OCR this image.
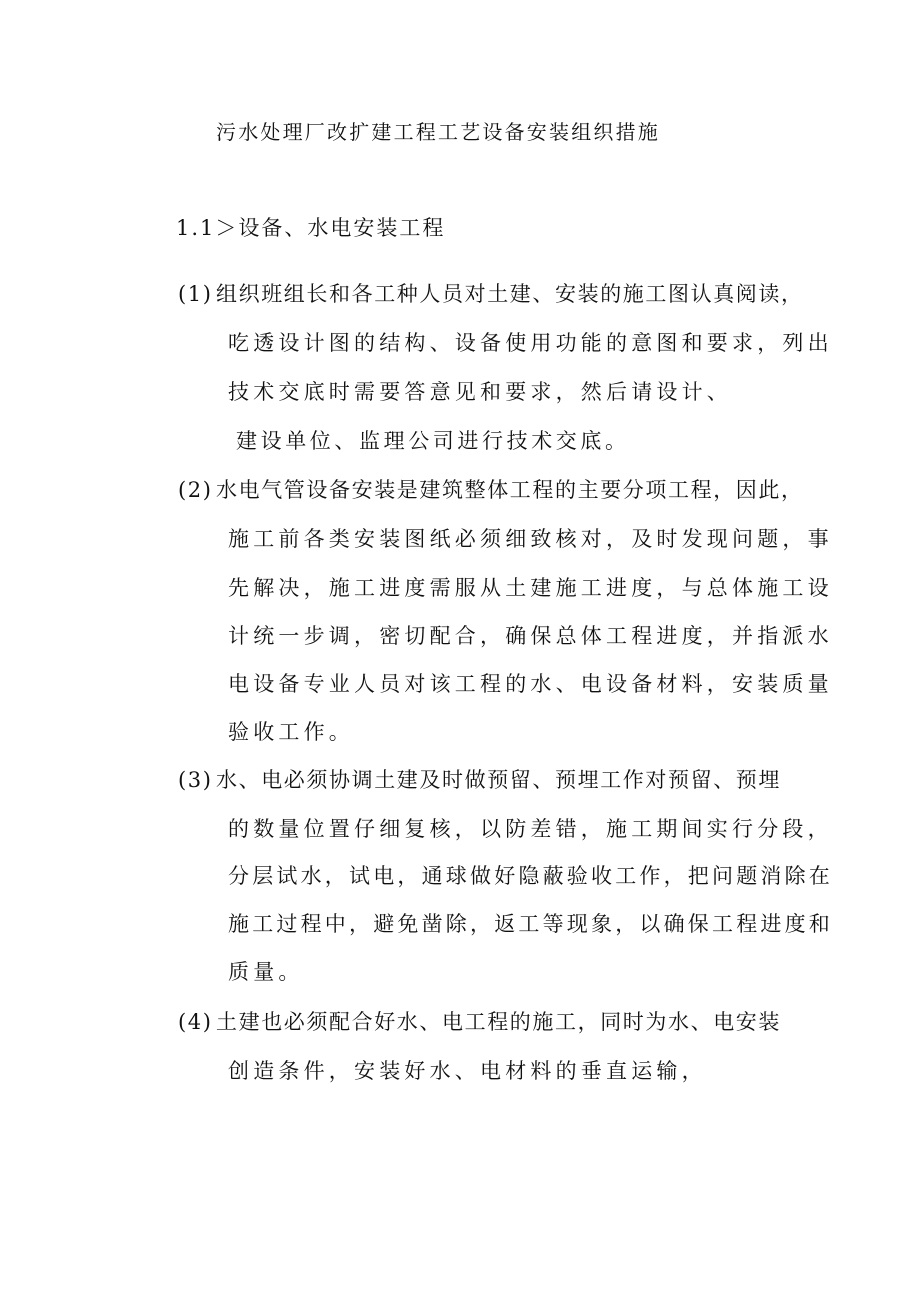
污水处理厂改扩建工程工艺设备安装组织措施
1.1＞设备、水电安装工程
(1) 组织班组长和各工种人员对土建、安装的施工图认真阅读，
吃透设计图的结构、设备使用功能的意图和要求，列出
技术交底时需要答意见和要求，然后请设计、
建设单位、监理公司进行技术交底。
(2) 水电气管设备安装是建筑整体工程的主要分项工程，因此，
施工前各类安装图纸必须细致核对，及时发现问题，事
先解决，施工进度需服从土建施工进度，与总体施工设
计统一步调，密切配合，确保总体工程进度，并指派水
电设备专业人员对该工程的水、电设备材料，安装质量
验收工作。
(3) 水、电必须协调土建及时做预留、预埋工作对预留、预埋
的数量位置仔细复核，以防差错，施工期间实行分段，
分层试水，试电，通球做好隐蔽验收工作，把问题消除在
施工过程中，避免凿除，返工等现象，以确保工程进度和
质量。
(4) 土建也必须配合好水、电工程的施工，同时为水、电安装
创造条件，安装好水、电材料的垂直运输，
